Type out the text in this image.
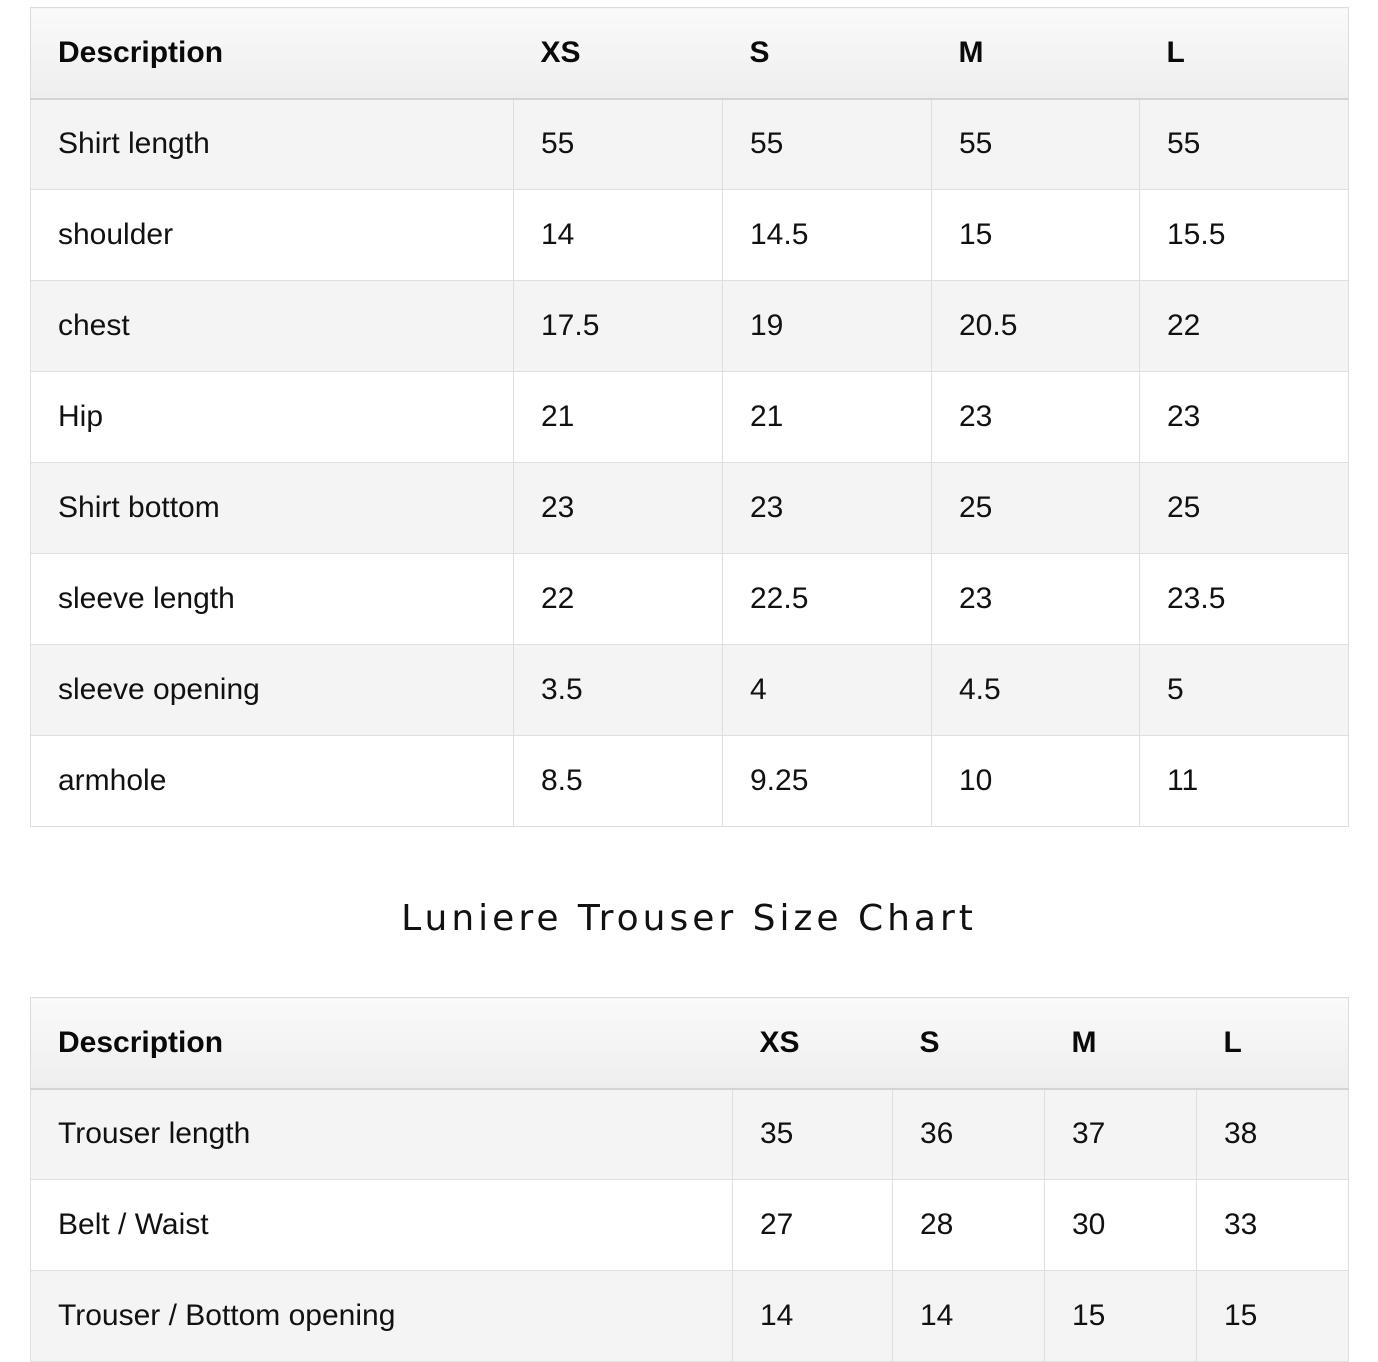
Description	XS	S	M	L
Shirt length	55	55	55	55
shoulder	14	14.5	15	15.5
chest	17.5	19	20.5	22
Hip	21	21	23	23
Shirt bottom	23	23	25	25
sleeve length	22	22.5	23	23.5
sleeve opening	3.5	4	4.5	5
armhole	8.5	9.25	10	11
Luniere Trouser Size Chart
Description	XS	S	M	L
Trouser length	35	36	37	38
Belt / Waist	27	28	30	33
Trouser / Bottom opening	14	14	15	15
